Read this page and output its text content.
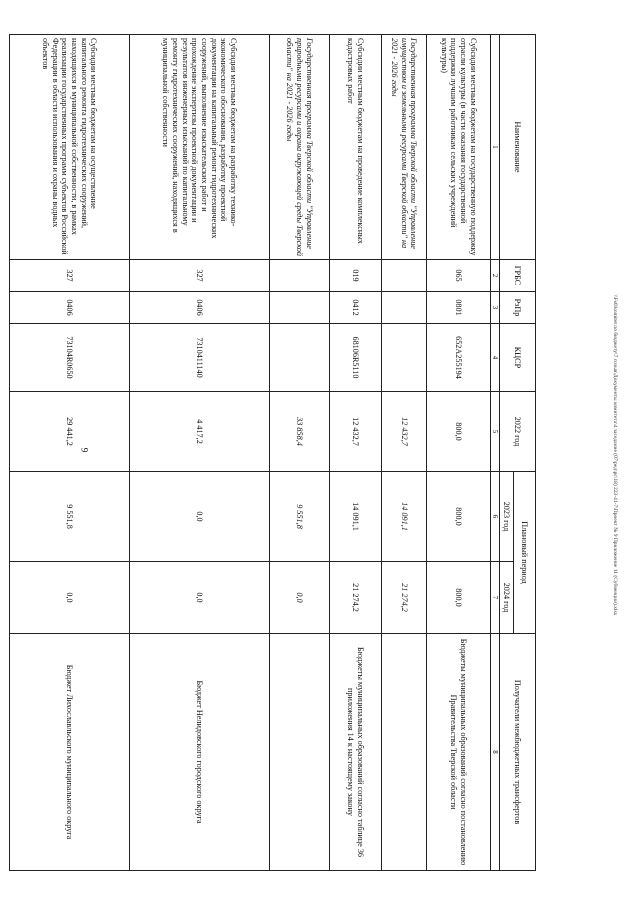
9	\\Fs0\komitet по бюджету\7 созыв\Документы комитета\4 заседание (07\ред\рс\18) 223-41-7\Проект № 9 Приложение 11 (Субвенции).xlsx
Наименование	ГРБС	РзПр	КЦСР	2022 год	Плановый период		Получатели межбюджетных трансфертов
					2023 год	2024 год	
1	2	3	4	5	6	7	8
Субсидии местным бюджетам на государственную поддержку отрасли культуры (в части оказания государственной поддержки лучшим работникам сельских учреждений культуры)	065	0801	652A255194	800,0	800,0	800,0	Бюджеты муниципальных образований согласно постановлению Правительства Тверской области
Государственная программа Тверской области "Управление имуществом и земельными ресурсами Тверской области" на 2021 - 2026 годы				12 432,7	14 091,1	21 274,2	
Субсидии местным бюджетам на проведение комплексных кадастровых работ	019	0412	68106R5110	12 432,7	14 091,1	21 274,2	Бюджеты муниципальных образований согласно таблице 36 приложения 14 к настоящему закону
Государственная программа Тверской области "Управление природными ресурсами и охрана окружающей среды Тверской области" на 2021 - 2026 годы				33 858,4	9 551,8	0,0	
Субсидии местным бюджетам на разработку технико-экономического обоснования, разработку проектной документации на капитальный ремонт гидротехнических сооружений, выполнение изыскательских работ и прохождение экспертизы проектной документации и результатов инженерных изысканий по капитальному ремонту гидротехнических сооружений, находящихся в муниципальной собственности	327	0406	7310411140	4 417,2	0,0	0,0	Бюджет Нелидовского городского округа
Субсидии местным бюджетам на осуществление капитального ремонта гидротехнических сооружений, находящихся в муниципальной собственности, в рамках реализации государственных программ субъектов Российской Федерации в области использования и охраны водных объектов	327	0406	73104R0650	29 441,2	9 551,8	0,0	Бюджет Лихославльского муниципального округа
